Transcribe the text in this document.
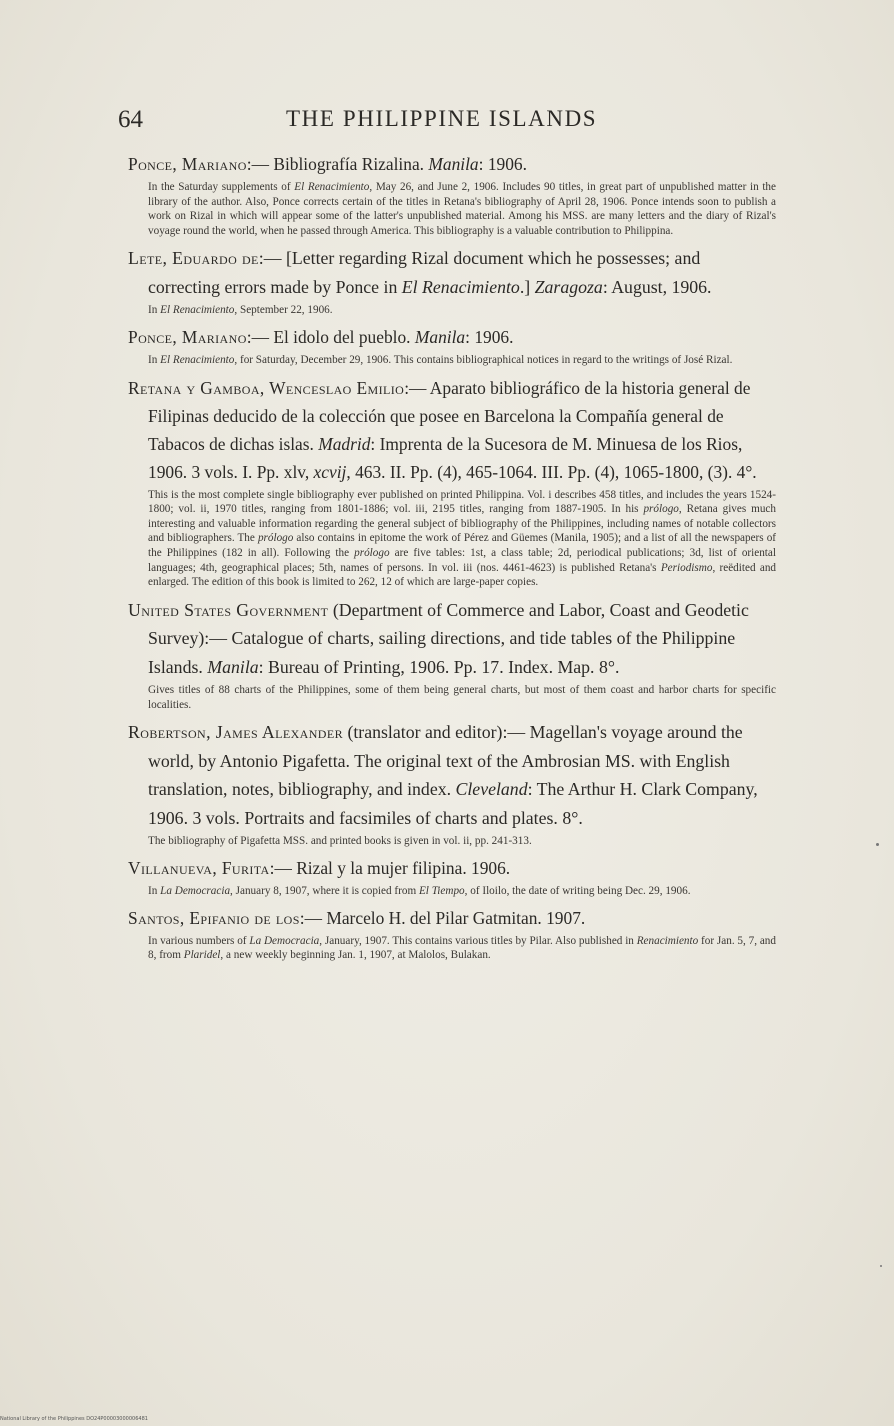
64	THE PHILIPPINE ISLANDS

Ponce, Mariano:— Bibliografía Rizalina. Manila: 1906.

In the Saturday supplements of El Renacimiento, May 26, and June 2, 1906. Includes 90 titles, in great part of unpublished matter in the library of the author. Also, Ponce corrects certain of the titles in Retana's bibliography of April 28, 1906. Ponce intends soon to publish a work on Rizal in which will appear some of the latter's unpublished material. Among his MSS. are many letters and the diary of Rizal's voyage round the world, when he passed through America. This bibliography is a valuable contribution to Philippina.

Lete, Eduardo de:— [Letter regarding Rizal document which he possesses; and correcting errors made by Ponce in El Renacimiento.] Zaragoza: August, 1906.

In El Renacimiento, September 22, 1906.

Ponce, Mariano:— El idolo del pueblo. Manila: 1906.

In El Renacimiento, for Saturday, December 29, 1906. This contains bibliographical notices in regard to the writings of José Rizal.

Retana y Gamboa, Wenceslao Emilio:— Aparato bibliográfico de la historia general de Filipinas deducido de la colección que posee en Barcelona la Compañía general de Tabacos de dichas islas. Madrid: Imprenta de la Sucesora de M. Minuesa de los Rios, 1906. 3 vols. I. Pp. xlv, xcvij, 463. II. Pp. (4), 465-1064. III. Pp. (4), 1065-1800, (3). 4°.

This is the most complete single bibliography ever published on printed Philippina. Vol. i describes 458 titles, and includes the years 1524-1800; vol. ii, 1970 titles, ranging from 1801-1886; vol. iii, 2195 titles, ranging from 1887-1905. In his prólogo, Retana gives much interesting and valuable information regarding the general subject of bibliography of the Philippines, including names of notable collectors and bibliographers. The prólogo also contains in epitome the work of Pérez and Güemes (Manila, 1905); and a list of all the newspapers of the Philippines (182 in all). Following the prólogo are five tables: 1st, a class table; 2d, periodical publications; 3d, list of oriental languages; 4th, geographical places; 5th, names of persons. In vol. iii (nos. 4461-4623) is published Retana's Periodismo, reëdited and enlarged. The edition of this book is limited to 262, 12 of which are large-paper copies.

United States Government (Department of Commerce and Labor, Coast and Geodetic Survey):— Catalogue of charts, sailing directions, and tide tables of the Philippine Islands. Manila: Bureau of Printing, 1906. Pp. 17. Index. Map. 8°.

Gives titles of 88 charts of the Philippines, some of them being general charts, but most of them coast and harbor charts for specific localities.

Robertson, James Alexander (translator and editor):— Magellan's voyage around the world, by Antonio Pigafetta. The original text of the Ambrosian MS. with English translation, notes, bibliography, and index. Cleveland: The Arthur H. Clark Company, 1906. 3 vols. Portraits and facsimiles of charts and plates. 8°.

The bibliography of Pigafetta MSS. and printed books is given in vol. ii, pp. 241-313.

Villanueva, Furita:— Rizal y la mujer filipina. 1906.

In La Democracia, January 8, 1907, where it is copied from El Tiempo, of Iloilo, the date of writing being Dec. 29, 1906.

Santos, Epifanio de los:— Marcelo H. del Pilar Gatmitan. 1907.

In various numbers of La Democracia, January, 1907. This contains various titles by Pilar. Also published in Renacimiento for Jan. 5, 7, and 8, from Plaridel, a new weekly beginning Jan. 1, 1907, at Malolos, Bulakan.

National Library of the Philippines DO24P00003000006481
